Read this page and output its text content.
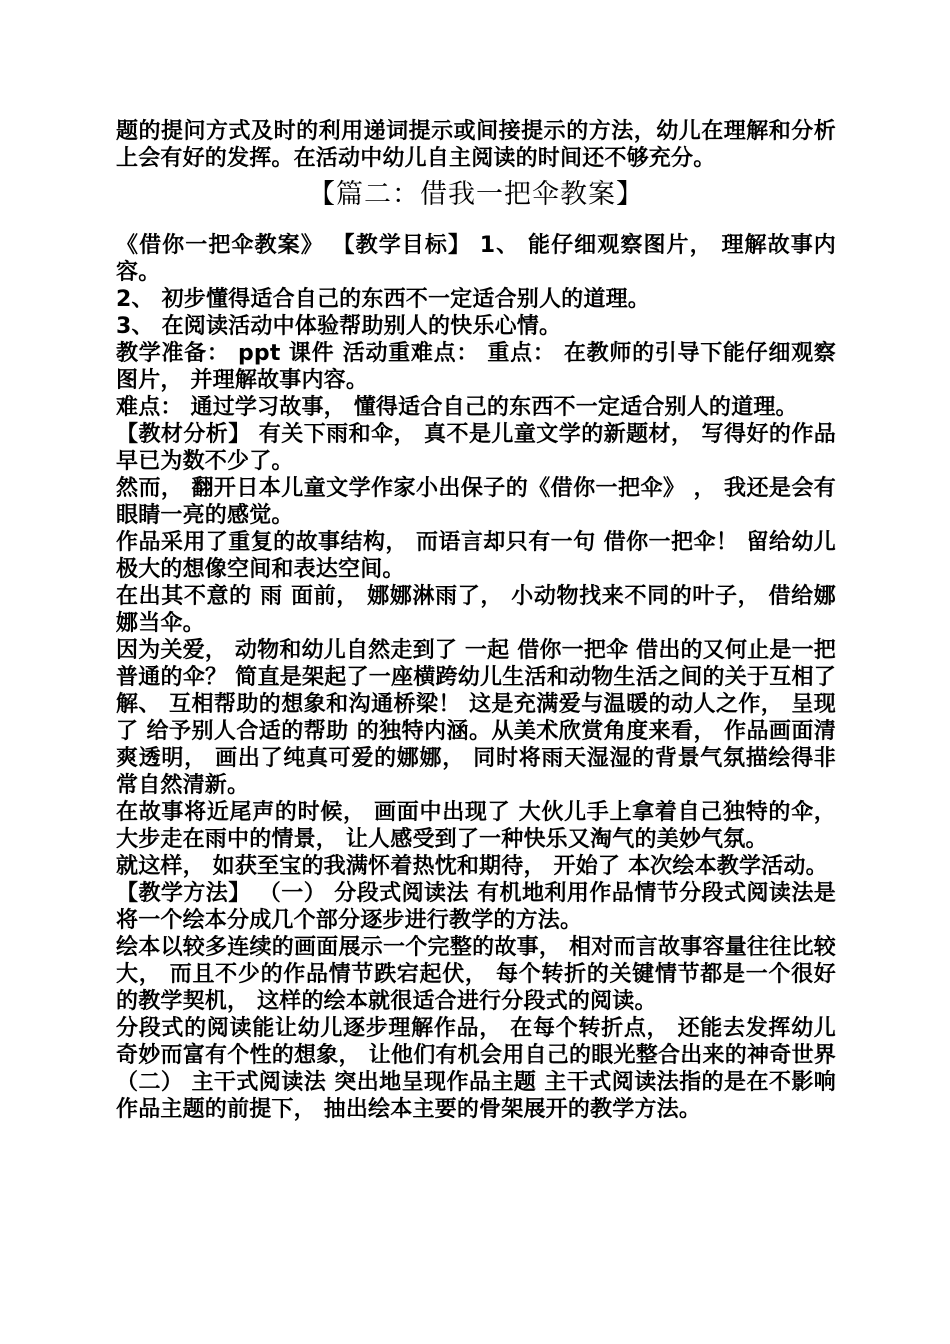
题的提问方式及时的利用递词提示或间接提示的方法，幼儿在理解和分析上会有好的发挥。在活动中幼儿自主阅读的时间还不够充分。

【篇二：借我一把伞教案】

《借你一把伞教案》 【教学目标】 1、 能仔细观察图片， 理解故事内容。

2、 初步懂得适合自己的东西不一定适合别人的道理。

3、 在阅读活动中体验帮助别人的快乐心情。

教学准备： ppt 课件 活动重难点： 重点： 在教师的引导下能仔细观察图片， 并理解故事内容。

难点： 通过学习故事， 懂得适合自己的东西不一定适合别人的道理。

【教材分析】 有关下雨和伞， 真不是儿童文学的新题材， 写得好的作品早已为数不少了。

然而， 翻开日本儿童文学作家小出保子的《借你一把伞》 ， 我还是会有眼睛一亮的感觉。

作品采用了重复的故事结构， 而语言却只有一句 借你一把伞！ 留给幼儿极大的想像空间和表达空间。

在出其不意的 雨 面前， 娜娜淋雨了， 小动物找来不同的叶子， 借给娜娜当伞。

因为关爱， 动物和幼儿自然走到了 一起 借你一把伞 借出的又何止是一把普通的伞？ 简直是架起了一座横跨幼儿生活和动物生活之间的关于互相了解、 互相帮助的想象和沟通桥梁！ 这是充满爱与温暖的动人之作， 呈现了 给予别人合适的帮助 的独特内涵。从美术欣赏角度来看， 作品画面清爽透明， 画出了纯真可爱的娜娜， 同时将雨天湿湿的背景气氛描绘得非常自然清新。

在故事将近尾声的时候， 画面中出现了 大伙儿手上拿着自己独特的伞， 大步走在雨中的情景， 让人感受到了一种快乐又淘气的美妙气氛。

就这样， 如获至宝的我满怀着热忱和期待， 开始了 本次绘本教学活动。

【教学方法】 （一） 分段式阅读法 有机地利用作品情节分段式阅读法是将一个绘本分成几个部分逐步进行教学的方法。

绘本以较多连续的画面展示一个完整的故事， 相对而言故事容量往往比较大， 而且不少的作品情节跌宕起伏， 每个转折的关键情节都是一个很好的教学契机， 这样的绘本就很适合进行分段式的阅读。

分段式的阅读能让幼儿逐步理解作品， 在每个转折点， 还能去发挥幼儿奇妙而富有个性的想象， 让他们有机会用自己的眼光整合出来的神奇世界 （二） 主干式阅读法 突出地呈现作品主题 主干式阅读法指的是在不影响作品主题的前提下， 抽出绘本主要的骨架展开的教学方法。
